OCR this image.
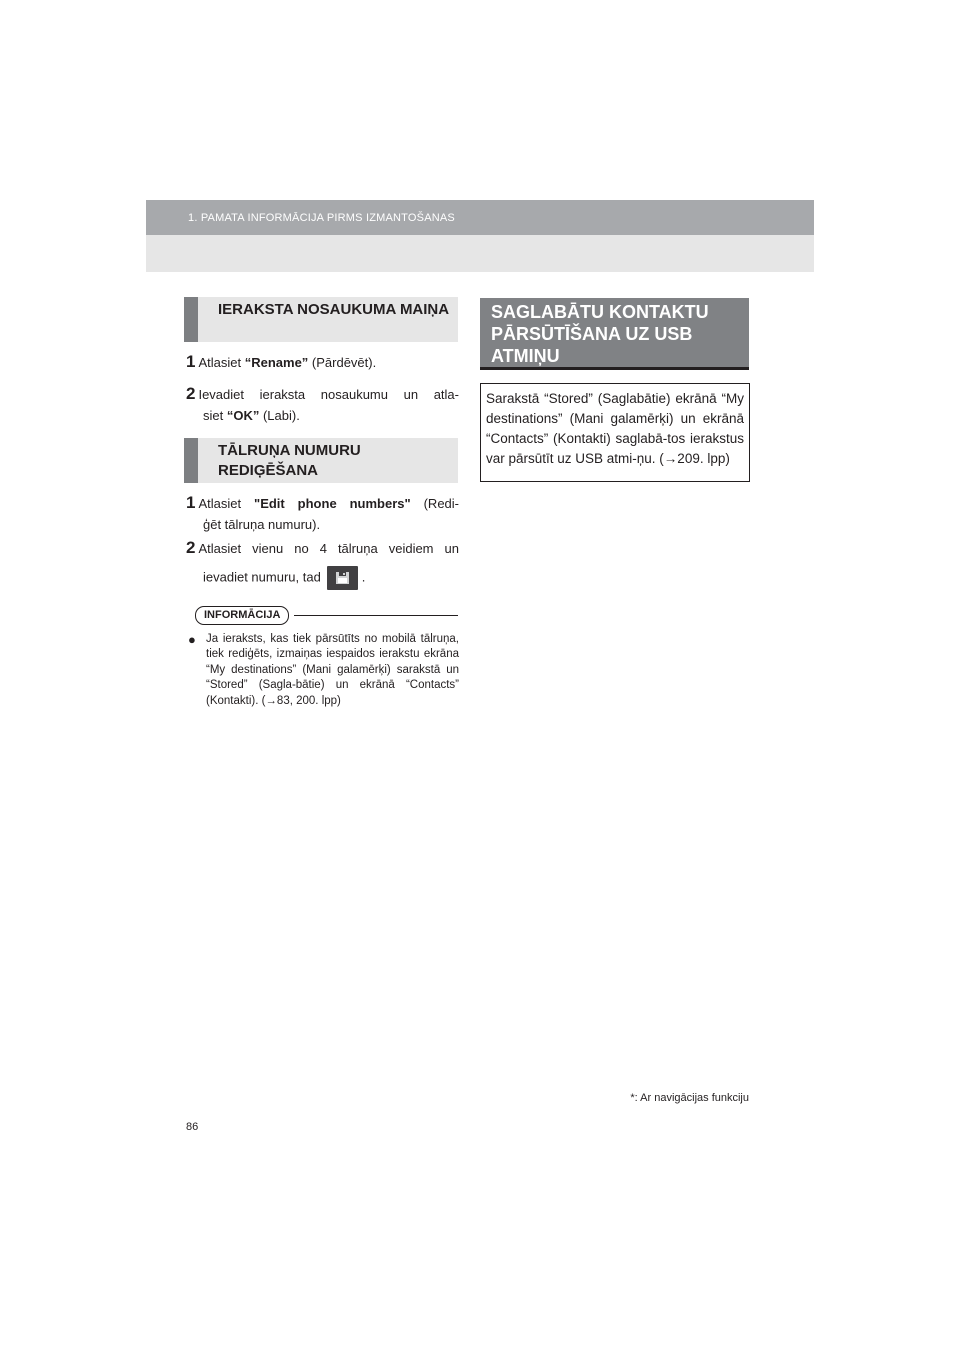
1. PAMATA INFORMĀCIJA PIRMS IZMANTOŠANAS
IERAKSTA NOSAUKUMA MAIŅA
1 Atlasiet “Rename” (Pārdēvēt).
2 Ievadiet ieraksta nosaukumu un atla-
siet “OK” (Labi).
TĀLRUŅA NUMURU REDIĢĒŠANA
1 Atlasiet "Edit phone numbers" (Redi-
ģēt tālruņa numuru).
2 Atlasiet vienu no 4 tālruņa veidiem un
ievadiet numuru, tad	.
INFORMĀCIJA
● Ja ieraksts, kas tiek pārsūtīts no mobilā tālruņa, tiek rediģēts, izmaiņas iespaidos ierakstu ekrāna “My destinations” (Mani galamērķi) sarakstā un “Stored” (Sagla-bātie) un ekrānā “Contacts” (Kontakti). (→83, 200. lpp)
SAGLABĀTU KONTAKTU PĀRSŪTĪŠANA UZ USB ATMIŅU
Sarakstā “Stored” (Saglabātie) ekrānā “My destinations” (Mani galamērķi) un ekrānā “Contacts” (Kontakti) saglabā-tos ierakstus var pārsūtīt uz USB atmi-ņu. (→209. lpp)
*: Ar navigācijas funkciju
86
